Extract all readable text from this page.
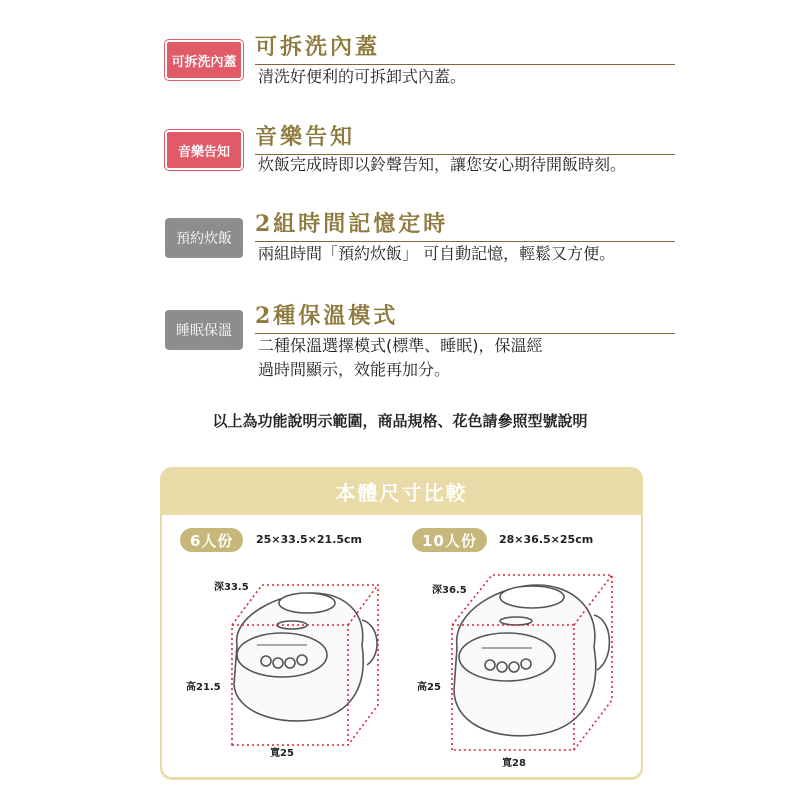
可拆洗內蓋
可拆洗內蓋
清洗好便利的可拆卸式內蓋。
音樂告知
音樂告知
炊飯完成時即以鈴聲告知，讓您安心期待開飯時刻。
預約炊飯
2組時間記憶定時
兩組時間「預約炊飯」 可自動記憶，輕鬆又方便。
睡眠保溫
2種保溫模式
二種保溫選擇模式(標準、睡眠)，保溫經
過時間顯示，效能再加分。
以上為功能說明示範圍，商品規格、花色請參照型號說明
本體尺寸比較
6人份	25×33.5×21.5cm	10人份	28×36.5×25cm
深33.5
高21.5
寬25
深36.5
高25
寬28
